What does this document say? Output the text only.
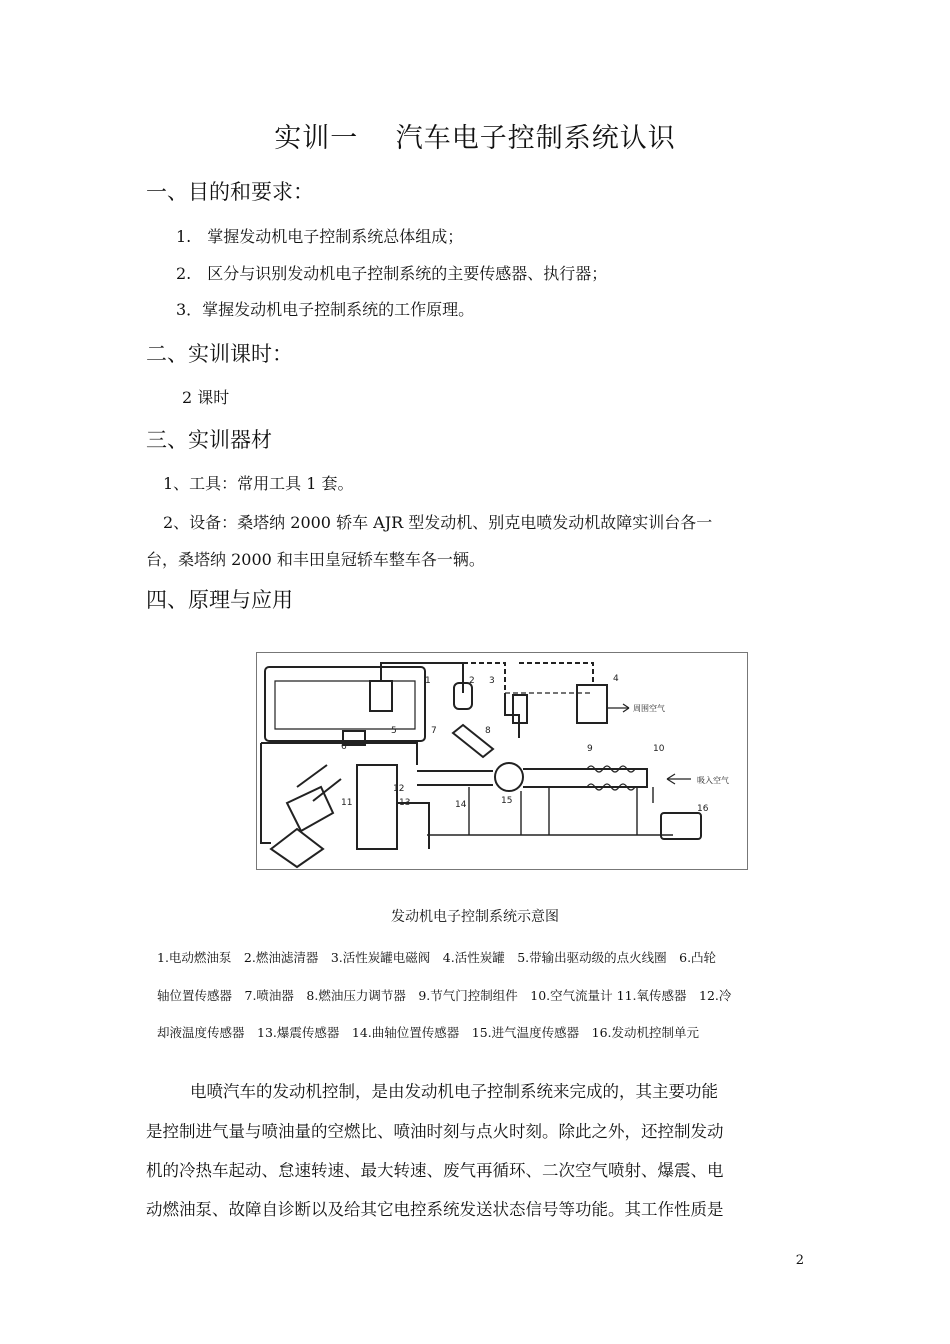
实训一　 汽车电子控制系统认识
一、目的和要求：
1.　掌握发动机电子控制系统总体组成；
2.　区分与识别发动机电子控制系统的主要传感器、执行器；
3．掌握发动机电子控制系统的工作原理。
二、实训课时：
2 课时
三、实训器材
1、工具：常用工具 1 套。
2、设备：桑塔纳 2000 轿车 AJR 型发动机、别克电喷发动机故障实训台各一
台，桑塔纳 2000 和丰田皇冠轿车整车各一辆。
四、原理与应用
1	2 3	4
5
6
7	8
9	10
11
12
13	14	15
16
周围空气
吸入空气
发动机电子控制系统示意图
1.电动燃油泵　2.燃油滤清器　3.活性炭罐电磁阀　4.活性炭罐　5.带输出驱动级的点火线圈　6.凸轮
轴位置传感器　7.喷油器　8.燃油压力调节器　9.节气门控制组件　10.空气流量计 11.氧传感器　12.冷
却液温度传感器　13.爆震传感器　14.曲轴位置传感器　15.进气温度传感器　16.发动机控制单元
电喷汽车的发动机控制，是由发动机电子控制系统来完成的，其主要功能
是控制进气量与喷油量的空燃比、喷油时刻与点火时刻。除此之外，还控制发动
机的冷热车起动、怠速转速、最大转速、废气再循环、二次空气喷射、爆震、电
动燃油泵、故障自诊断以及给其它电控系统发送状态信号等功能。其工作性质是
2
